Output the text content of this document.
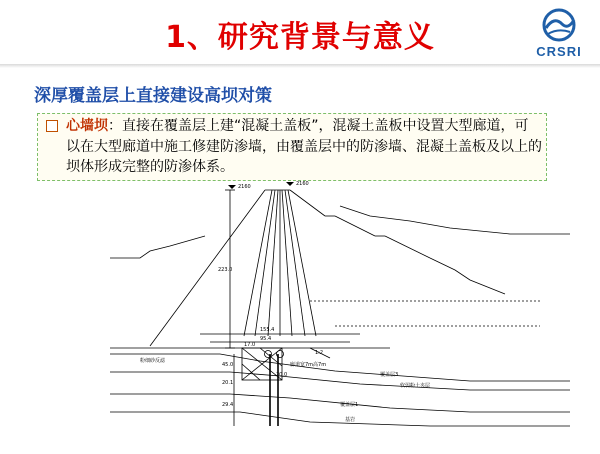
1、研究背景与意义	CRSRI
深厚覆盖层上直接建设高坝对策
心墙坝：直接在覆盖层上建“混凝土盖板”，混凝土盖板中设置大型廊道，可以在大型廊道中施工修建防渗墙，由覆盖层中的防渗墙、混凝土盖板及以上的坝体形成完整的防渗体系。
2160	2160
223.0
155.4
95.4
1:2
廊道宽7m高7m
45.0
20.1
29.4
17.0
20.0
粉细砂反滤
覆盖层3
软弱粉土夹层
覆盖层1
基岩
